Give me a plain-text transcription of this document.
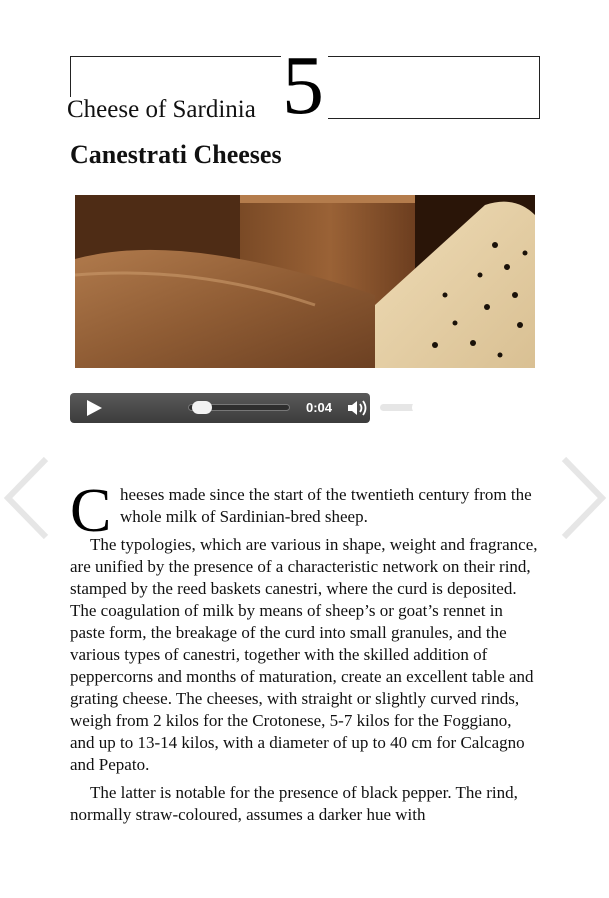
Cheese of Sardinia 5
Canestrati Cheeses
0:04
C heeses made since the start of the twentieth century from the whole milk of Sardinian-bred sheep.

The typologies, which are various in shape, weight and fragrance, are unified by the presence of a characteristic network on their rind, stamped by the reed baskets canestri, where the curd is deposited. The coagulation of milk by means of sheep’s or goat’s rennet in paste form, the breakage of the curd into small granules, and the various types of canestri, together with the skilled addition of peppercorns and months of maturation, create an excellent table and grating cheese. The cheeses, with straight or slightly curved rinds, weigh from 2 kilos for the Crotonese, 5-7 kilos for the Foggiano, and up to 13-14 kilos, with a diameter of up to 40 cm for Calcagno and Pepato.

The latter is notable for the presence of black pepper. The rind, normally straw-coloured, assumes a darker hue with
